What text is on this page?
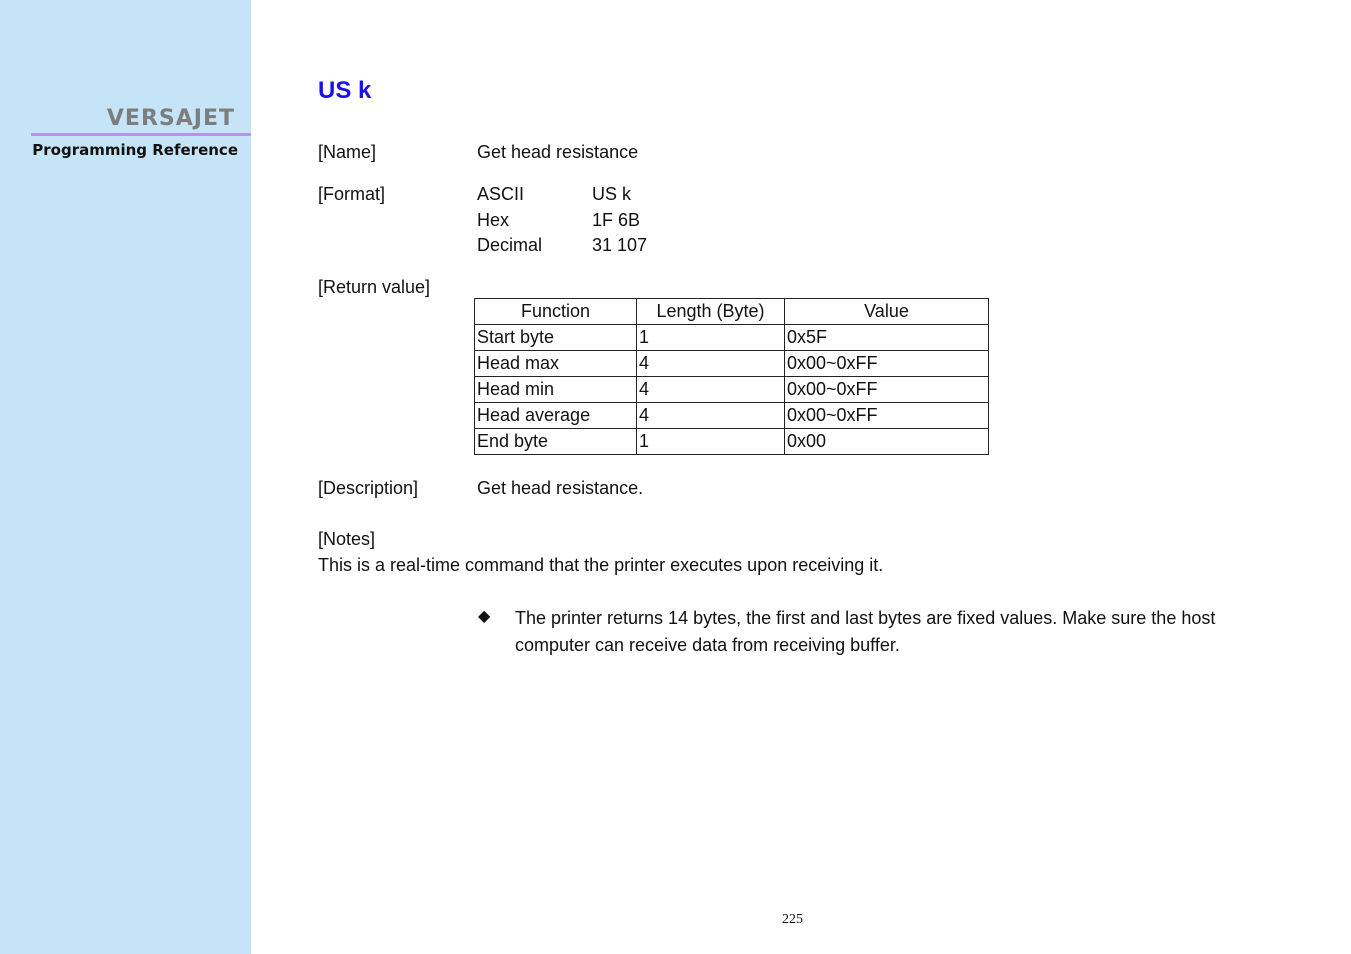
VERSAJET
Programming Reference
US k
[Name]	Get head resistance
[Format]	ASCII	US k
Hex	1F 6B
Decimal	31 107
[Return value]
Function	Length (Byte)	Value
Start byte	1	0x5F
Head max	4	0x00~0xFF
Head min	4	0x00~0xFF
Head average	4	0x00~0xFF
End byte	1	0x00
[Description]	Get head resistance.
[Notes]
This is a real-time command that the printer executes upon receiving it.
◆ The printer returns 14 bytes, the first and last bytes are fixed values. Make sure the host computer can receive data from receiving buffer.
225
